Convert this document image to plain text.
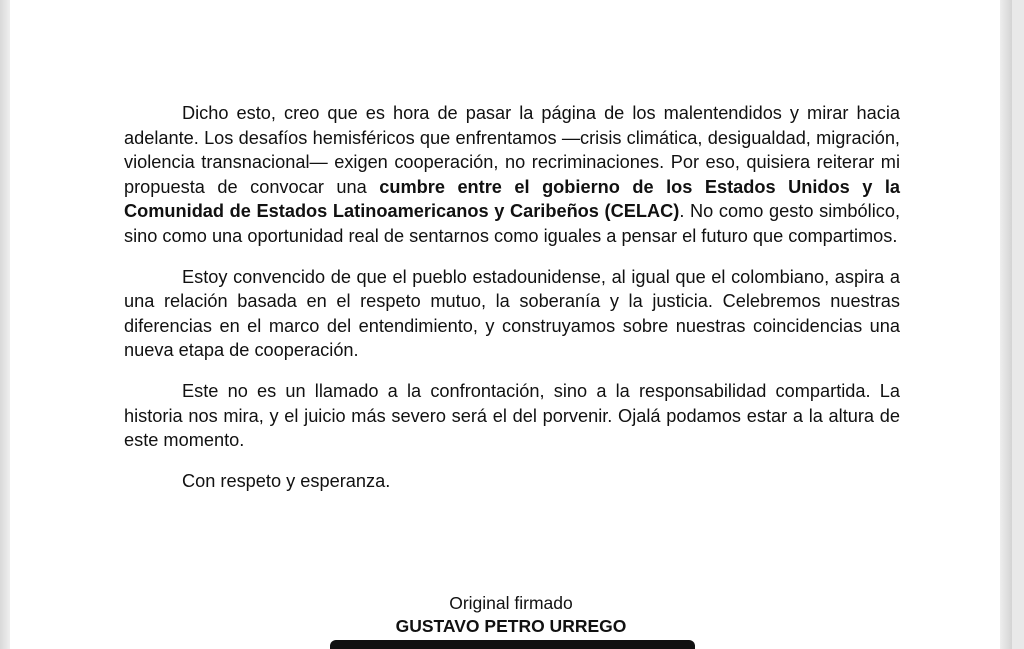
Dicho esto, creo que es hora de pasar la página de los malentendidos y mirar hacia adelante. Los desafíos hemisféricos que enfrentamos —crisis climática, desigualdad, migración, violencia transnacional— exigen cooperación, no recriminaciones. Por eso, quisiera reiterar mi propuesta de convocar una cumbre entre el gobierno de los Estados Unidos y la Comunidad de Estados Latinoamericanos y Caribeños (CELAC). No como gesto simbólico, sino como una oportunidad real de sentarnos como iguales a pensar el futuro que compartimos.

Estoy convencido de que el pueblo estadounidense, al igual que el colombiano, aspira a una relación basada en el respeto mutuo, la soberanía y la justicia. Celebremos nuestras diferencias en el marco del entendimiento, y construyamos sobre nuestras coincidencias una nueva etapa de cooperación.

Este no es un llamado a la confrontación, sino a la responsabilidad compartida. La historia nos mira, y el juicio más severo será el del porvenir. Ojalá podamos estar a la altura de este momento.

Con respeto y esperanza.

Original firmado
GUSTAVO PETRO URREGO
